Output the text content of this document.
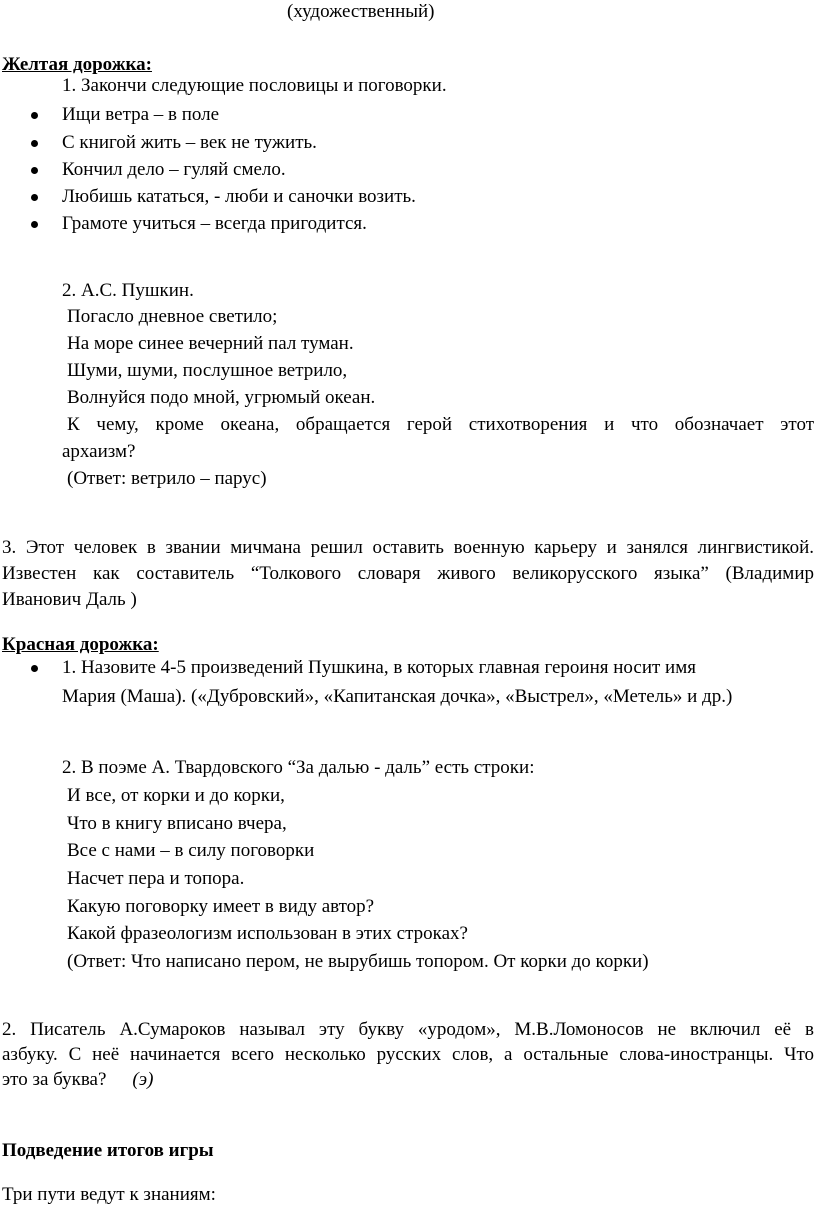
(художественный)
Желтая дорожка:
1. Закончи следующие пословицы и поговорки.
Ищи ветра – в поле
С книгой жить – век не тужить.
Кончил дело – гуляй смело.
Любишь кататься, - люби и саночки возить.
Грамоте учиться – всегда пригодится.
2. А.С. Пушкин.
Погасло дневное светило;
На море синее вечерний пал туман.
Шуми, шуми, послушное ветрило,
Волнуйся подо мной, угрюмый океан.
К чему, кроме океана, обращается герой стихотворения и что обозначает этот
архаизм?
(Ответ: ветрило – парус)
3. Этот человек в звании мичмана решил оставить военную карьеру и занялся лингвистикой.
Известен как составитель “Толкового словаря живого великорусского языка” (Владимир
Иванович Даль )
Красная дорожка:
1. Назовите 4-5 произведений Пушкина, в которых главная героиня носит имя
Мария (Маша). («Дубровский», «Капитанская дочка», «Выстрел», «Метель» и др.)
2. В поэме А. Твардовского “За далью - даль” есть строки:
И все, от корки и до корки,
Что в книгу вписано вчера,
Все с нами – в силу поговорки
Насчет пера и топора.
Какую поговорку имеет в виду автор?
Какой фразеологизм использован в этих строках?
(Ответ: Что написано пером, не вырубишь топором. От корки до корки)
2. Писатель А.Сумароков называл эту букву «уродом», М.В.Ломоносов не включил её в
азбуку. С неё начинается всего несколько русских слов, а остальные слова-иностранцы. Что
это за буква? (э)
Подведение итогов игры
Три пути ведут к знаниям:
